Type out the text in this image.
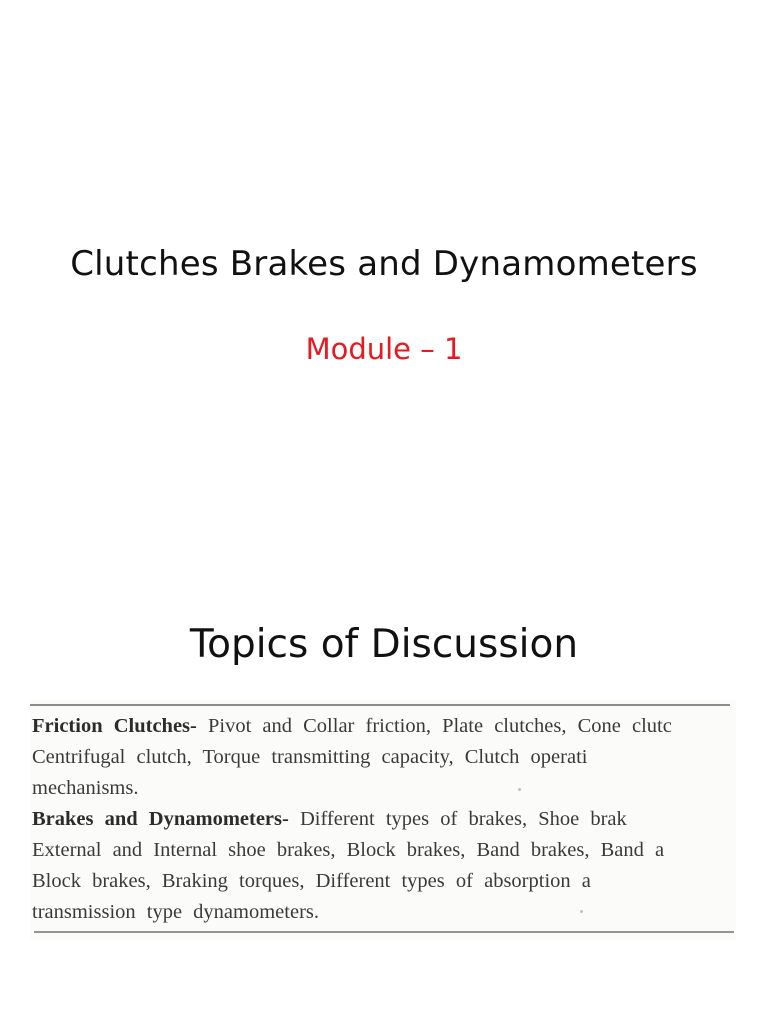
Clutches Brakes and Dynamometers
Module – 1
Topics of Discussion
Friction Clutches- Pivot and Collar friction, Plate clutches, Cone clutc
Centrifugal clutch, Torque transmitting capacity, Clutch operati
mechanisms.
Brakes and Dynamometers- Different types of brakes, Shoe brak
External and Internal shoe brakes, Block brakes, Band brakes, Band a
Block brakes, Braking torques, Different types of absorption a
transmission type dynamometers.
